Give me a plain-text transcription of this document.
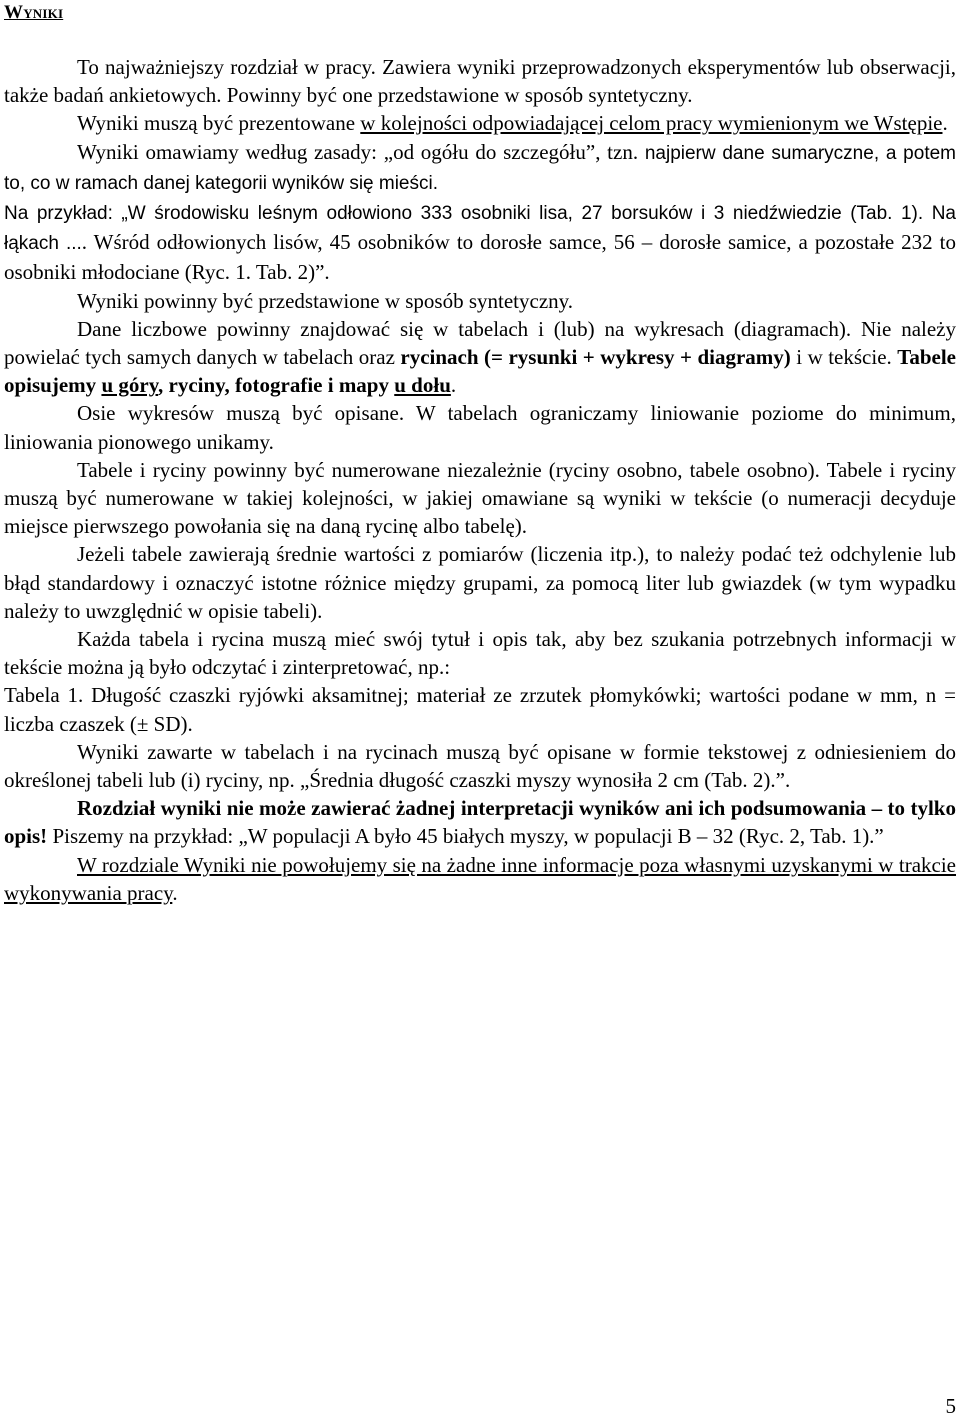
Wyniki

To najważniejszy rozdział w pracy. Zawiera wyniki przeprowadzonych eksperymentów lub obserwacji, także badań ankietowych. Powinny być one przedstawione w sposób syntetyczny.

Wyniki muszą być prezentowane w kolejności odpowiadającej celom pracy wymienionym we Wstępie.

Wyniki omawiamy według zasady: „od ogółu do szczegółu”, tzn. najpierw dane sumaryczne, a potem to, co w ramach danej kategorii wyników się mieści.

Na przykład: „W środowisku leśnym odłowiono 333 osobniki lisa, 27 borsuków i 3 niedźwiedzie (Tab. 1). Na łąkach .... Wśród odłowionych lisów, 45 osobników to dorosłe samce, 56 – dorosłe samice, a pozostałe 232 to osobniki młodociane (Ryc. 1. Tab. 2)”.

Wyniki powinny być przedstawione w sposób syntetyczny.

Dane liczbowe powinny znajdować się w tabelach i (lub) na wykresach (diagramach). Nie należy powielać tych samych danych w tabelach oraz rycinach (= rysunki + wykresy + diagramy) i w tekście. Tabele opisujemy u góry, ryciny, fotografie i mapy u dołu.

Osie wykresów muszą być opisane. W tabelach ograniczamy liniowanie poziome do minimum, liniowania pionowego unikamy.

Tabele i ryciny powinny być numerowane niezależnie (ryciny osobno, tabele osobno). Tabele i ryciny muszą być numerowane w takiej kolejności, w jakiej omawiane są wyniki w tekście (o numeracji decyduje miejsce pierwszego powołania się na daną rycinę albo tabelę).

Jeżeli tabele zawierają średnie wartości z pomiarów (liczenia itp.), to należy podać też odchylenie lub błąd standardowy i oznaczyć istotne różnice między grupami, za pomocą liter lub gwiazdek (w tym wypadku należy to uwzględnić w opisie tabeli).

Każda tabela i rycina muszą mieć swój tytuł i opis tak, aby bez szukania potrzebnych informacji w tekście można ją było odczytać i zinterpretować, np.:

Tabela 1. Długość czaszki ryjówki aksamitnej; materiał ze zrzutek płomykówki; wartości podane w mm, n = liczba czaszek (± SD).

Wyniki zawarte w tabelach i na rycinach muszą być opisane w formie tekstowej z odniesieniem do określonej tabeli lub (i) ryciny, np. „Średnia długość czaszki myszy wynosiła 2 cm (Tab. 2).”.

Rozdział wyniki nie może zawierać żadnej interpretacji wyników ani ich podsumowania – to tylko opis! Piszemy na przykład: „W populacji A było 45 białych myszy, w populacji B – 32 (Ryc. 2, Tab. 1).”

W rozdziale Wyniki nie powołujemy się na żadne inne informacje poza własnymi uzyskanymi w trakcie wykonywania pracy.

5
